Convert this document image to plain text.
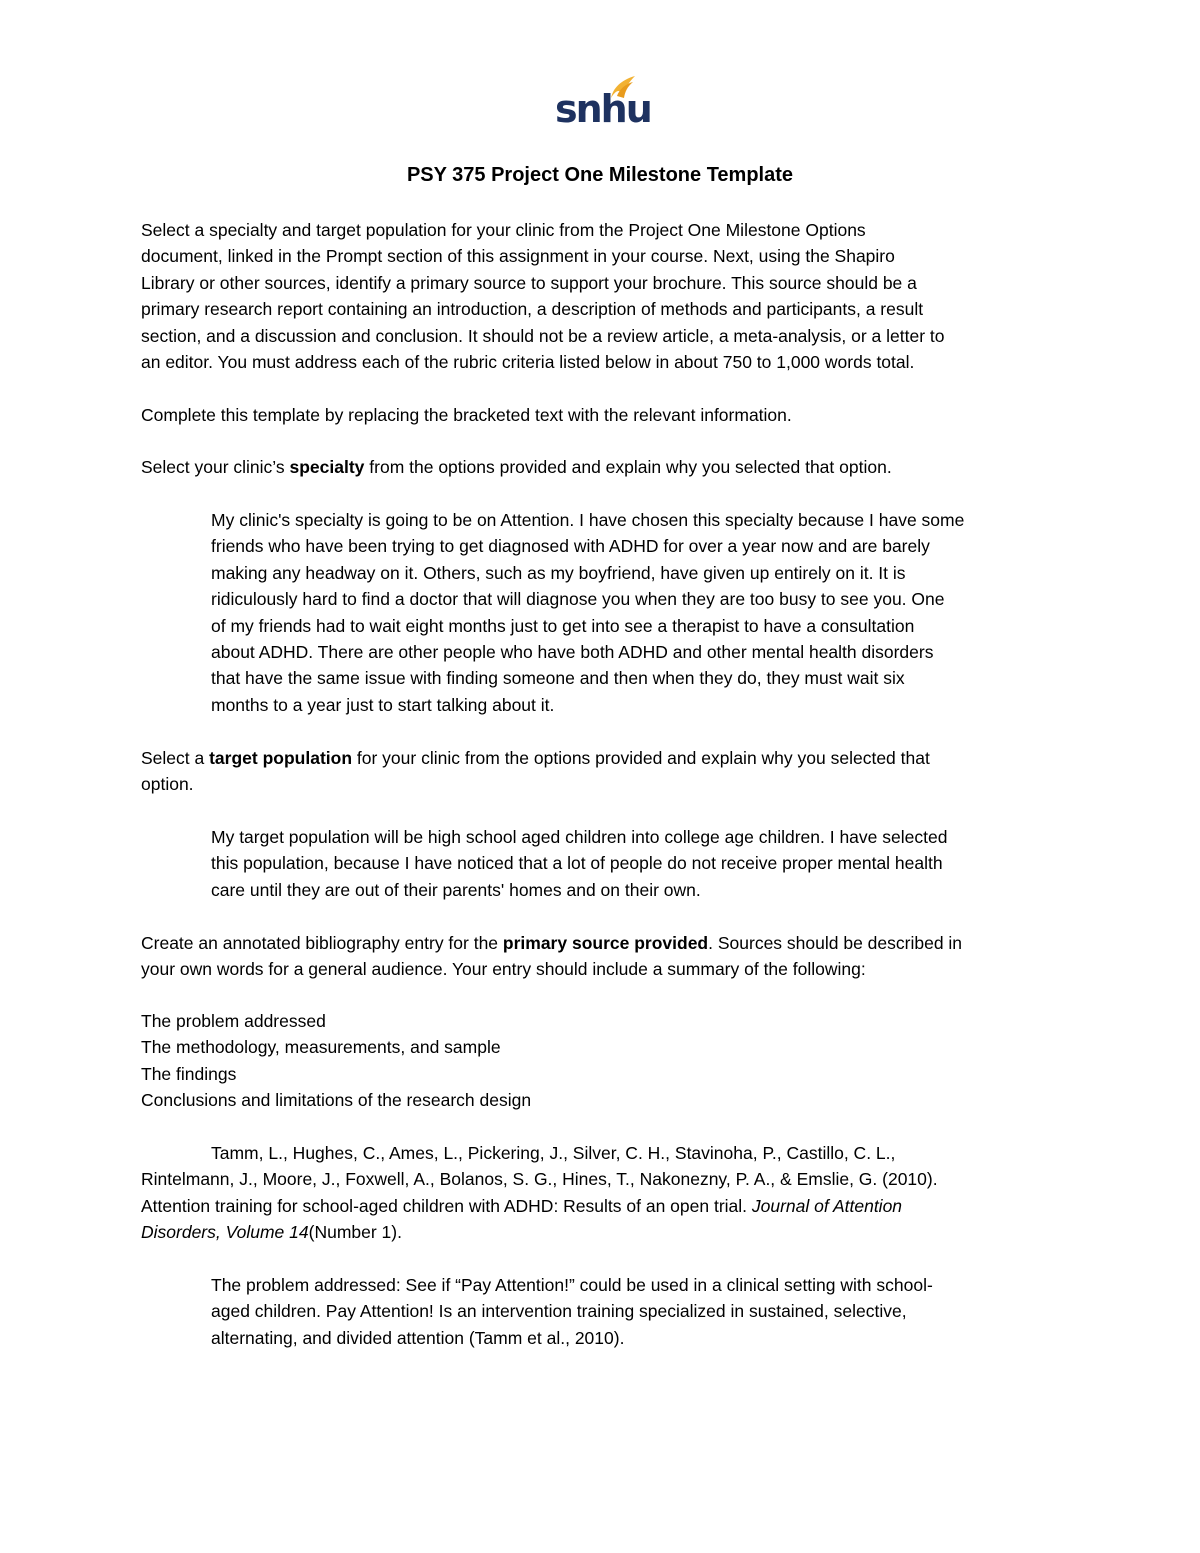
snhu
PSY 375 Project One Milestone Template
Select a specialty and target population for your clinic from the Project One Milestone Options
document, linked in the Prompt section of this assignment in your course. Next, using the Shapiro
Library or other sources, identify a primary source to support your brochure. This source should be a
primary research report containing an introduction, a description of methods and participants, a result
section, and a discussion and conclusion. It should not be a review article, a meta-analysis, or a letter to
an editor. You must address each of the rubric criteria listed below in about 750 to 1,000 words total.
Complete this template by replacing the bracketed text with the relevant information.
Select your clinic’s specialty from the options provided and explain why you selected that option.
My clinic's specialty is going to be on Attention. I have chosen this specialty because I have some
friends who have been trying to get diagnosed with ADHD for over a year now and are barely
making any headway on it. Others, such as my boyfriend, have given up entirely on it. It is
ridiculously hard to find a doctor that will diagnose you when they are too busy to see you. One
of my friends had to wait eight months just to get into see a therapist to have a consultation
about ADHD. There are other people who have both ADHD and other mental health disorders
that have the same issue with finding someone and then when they do, they must wait six
months to a year just to start talking about it.
Select a target population for your clinic from the options provided and explain why you selected that
option.
My target population will be high school aged children into college age children. I have selected
this population, because I have noticed that a lot of people do not receive proper mental health
care until they are out of their parents' homes and on their own.
Create an annotated bibliography entry for the primary source provided. Sources should be described in
your own words for a general audience. Your entry should include a summary of the following:
The problem addressed
The methodology, measurements, and sample
The findings
Conclusions and limitations of the research design
Tamm, L., Hughes, C., Ames, L., Pickering, J., Silver, C. H., Stavinoha, P., Castillo, C. L.,
Rintelmann, J., Moore, J., Foxwell, A., Bolanos, S. G., Hines, T., Nakonezny, P. A., & Emslie, G. (2010).
Attention training for school-aged children with ADHD: Results of an open trial. Journal of Attention
Disorders, Volume 14(Number 1).
The problem addressed: See if “Pay Attention!” could be used in a clinical setting with school-
aged children. Pay Attention! Is an intervention training specialized in sustained, selective,
alternating, and divided attention (Tamm et al., 2010).
